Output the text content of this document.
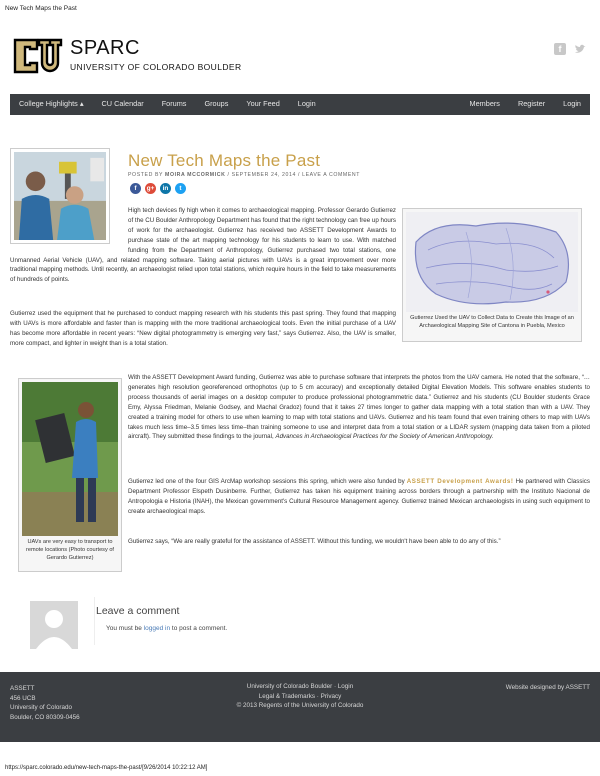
New Tech Maps the Past
SPARC
UNIVERSITY OF COLORADO BOULDER
f
College Highlights ▴	CU Calendar	Forums	Groups	Your Feed	Login	Members	Register	Login
New Tech Maps the Past
POSTED BY MOIRA MCCORMICK / SEPTEMBER 24, 2014 / LEAVE A COMMENT
f	g+	in	t
Gutierrez Used the UAV to Collect Data to Create this Image of an Archaeological Mapping Site of Cantona in Puebla, Mexico
High tech devices fly high when it comes to archaeological mapping. Professor Gerardo Gutierrez of the CU Boulder Anthropology Department has found that the right technology can free up hours of work for the archaeologist. Gutierrez has received two ASSETT Development Awards to purchase state of the art mapping technology for his students to learn to use. With matched funding from the Department of Anthropology, Gutierrez purchased two total stations, one Unmanned Aerial Vehicle (UAV), and related mapping software. Taking aerial pictures with UAVs is a great improvement over more traditional mapping methods. Until recently, an archaeologist relied upon total stations, which require hours in the field to take measurements of hundreds of points.
Gutierrez used the equipment that he purchased to conduct mapping research with his students this past spring. They found that mapping with UAVs is more affordable and faster than is mapping with the more traditional archaeological tools. Even the initial purchase of a UAV has become more affordable in recent years: “New digital photogrammetry is emerging very fast,” says Gutierrez. Also, the UAV is smaller, more compact, and lighter in weight than is a total station.
UAVs are very easy to transport to remote locations (Photo courtesy of Gerardo Gutierrez)
With the ASSETT Development Award funding, Gutierrez was able to purchase software that interprets the photos from the UAV camera. He noted that the software, “… generates high resolution georeferenced orthophotos (up to 5 cm accuracy) and exceptionally detailed Digital Elevation Models. This software enables students to process thousands of aerial images on a desktop computer to produce professional photogrammetric data.” Gutierrez and his students (CU Boulder students Grace Emy, Alyssa Friedman, Melanie Godsey, and Machal Gradoz) found that it takes 27 times longer to gather data mapping with a total station than with a UAV. They created a training model for others to use when learning to map with total stations and UAVs. Gutierrez and his team found that even training others to map with UAVs takes much less time–3.5 times less time–than training someone to use and interpret data from a total station or a LIDAR system (mapping data taken from a piloted aircraft). They submitted these findings to the journal, Advances in Archaeological Practices for the Society of American Anthropology.
Gutierrez led one of the four GIS ArcMap workshop sessions this spring, which were also funded by ASSETT Development Awards! He partnered with Classics Department Professor Elspeth Dusinberre. Further, Gutierrez has taken his equipment training across borders through a partnership with the Instituto Nacional de Antropologia e Historia (INAH), the Mexican government's Cultural Resource Management agency. Gutierrez trained Mexican archaeologists in using such equipment to create archaeological maps.
Gutierrez says, “We are really grateful for the assistance of ASSETT. Without this funding, we wouldn't have been able to do any of this.”
Leave a comment
You must be logged in to post a comment.
ASSETT
456 UCB
University of Colorado
Boulder, CO 80309-0456
University of Colorado Boulder · Login
Legal & Trademarks · Privacy
© 2013 Regents of the University of Colorado
Website designed by ASSETT
https://sparc.colorado.edu/new-tech-maps-the-past/[9/26/2014 10:22:12 AM]
